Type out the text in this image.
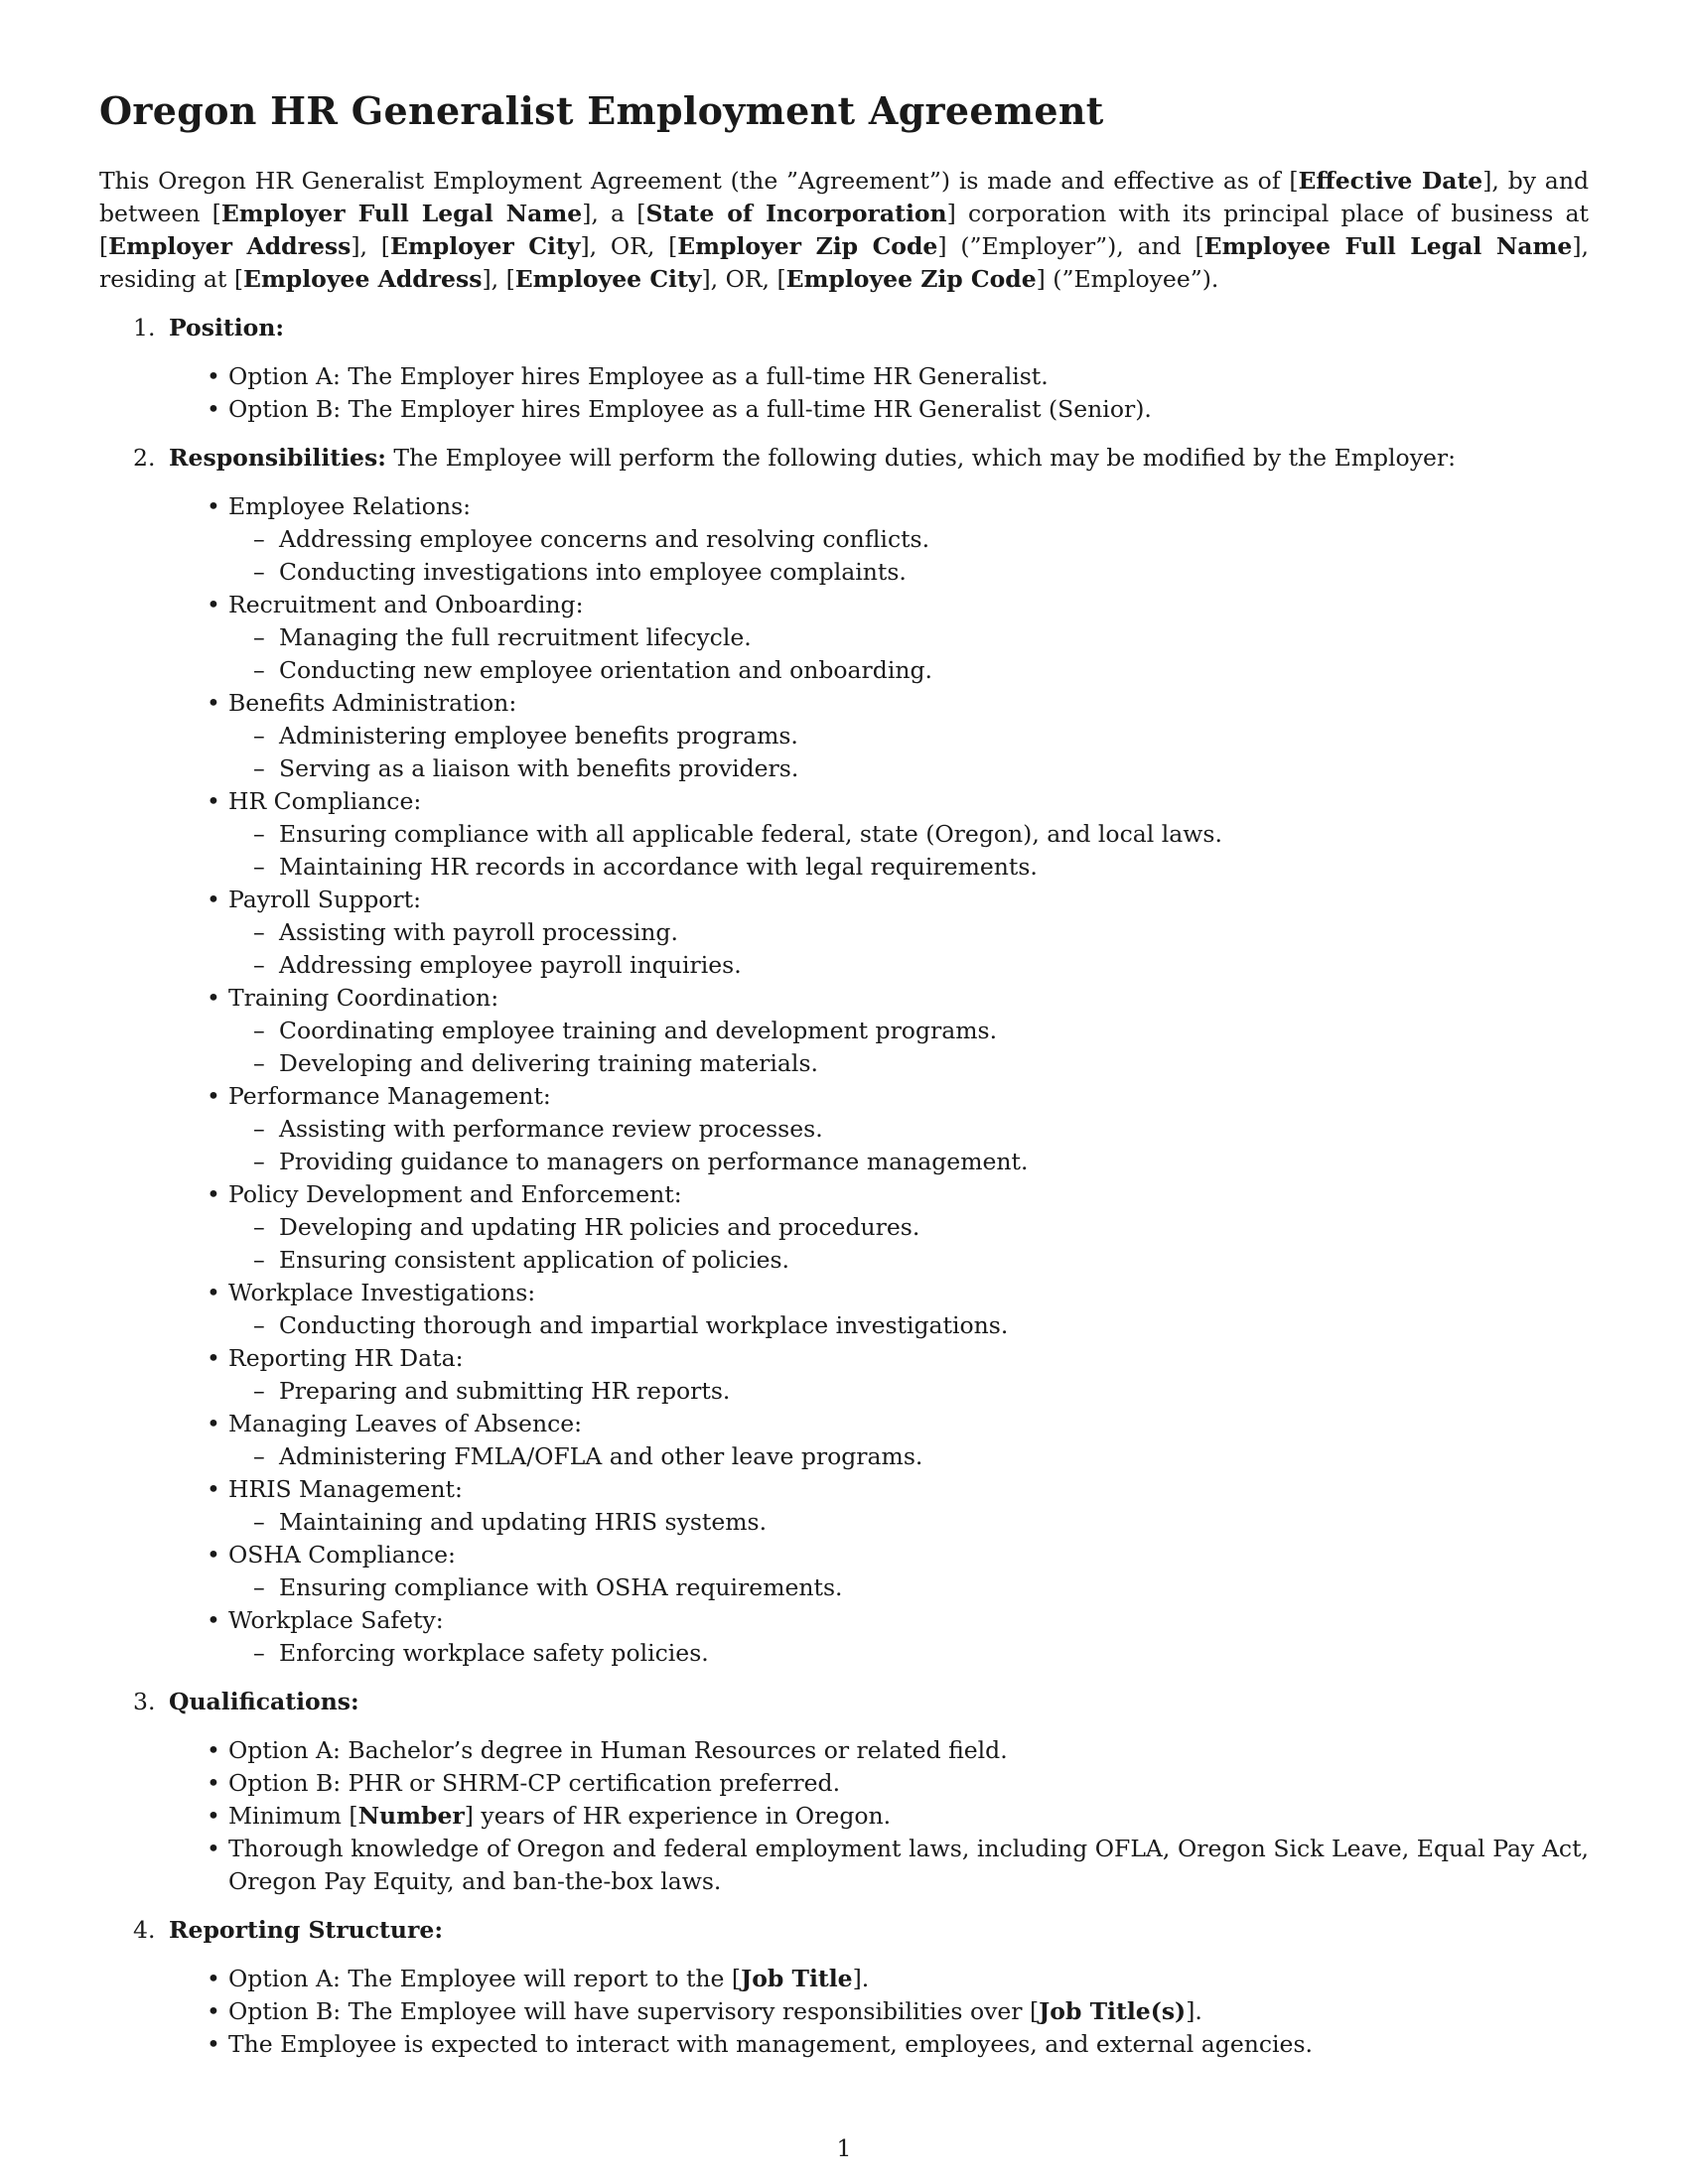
Oregon HR Generalist Employment Agreement

This Oregon HR Generalist Employment Agreement (the ”Agreement”) is made and effective as of [Effective Date], by and between [Employer Full Legal Name], a [State of Incorporation] corporation with its principal place of business at [Employer Address], [Employer City], OR, [Employer Zip Code] (”Employer”), and [Employee Full Legal Name], residing at [Employee Address], [Employee City], OR, [Employee Zip Code] (”Employee”).

1. Position:
• Option A: The Employer hires Employee as a full-time HR Generalist.
• Option B: The Employer hires Employee as a full-time HR Generalist (Senior).
2. Responsibilities: The Employee will perform the following duties, which may be modified by the Employer:
• Employee Relations:
– Addressing employee concerns and resolving conflicts.
– Conducting investigations into employee complaints.
• Recruitment and Onboarding:
– Managing the full recruitment lifecycle.
– Conducting new employee orientation and onboarding.
• Benefits Administration:
– Administering employee benefits programs.
– Serving as a liaison with benefits providers.
• HR Compliance:
– Ensuring compliance with all applicable federal, state (Oregon), and local laws.
– Maintaining HR records in accordance with legal requirements.
• Payroll Support:
– Assisting with payroll processing.
– Addressing employee payroll inquiries.
• Training Coordination:
– Coordinating employee training and development programs.
– Developing and delivering training materials.
• Performance Management:
– Assisting with performance review processes.
– Providing guidance to managers on performance management.
• Policy Development and Enforcement:
– Developing and updating HR policies and procedures.
– Ensuring consistent application of policies.
• Workplace Investigations:
– Conducting thorough and impartial workplace investigations.
• Reporting HR Data:
– Preparing and submitting HR reports.
• Managing Leaves of Absence:
– Administering FMLA/OFLA and other leave programs.
• HRIS Management:
– Maintaining and updating HRIS systems.
• OSHA Compliance:
– Ensuring compliance with OSHA requirements.
• Workplace Safety:
– Enforcing workplace safety policies.
3. Qualifications:
• Option A: Bachelor’s degree in Human Resources or related field.
• Option B: PHR or SHRM-CP certification preferred.
• Minimum [Number] years of HR experience in Oregon.
• Thorough knowledge of Oregon and federal employment laws, including OFLA, Oregon Sick Leave, Equal Pay Act, Oregon Pay Equity, and ban-the-box laws.
4. Reporting Structure:
• Option A: The Employee will report to the [Job Title].
• Option B: The Employee will have supervisory responsibilities over [Job Title(s)].
• The Employee is expected to interact with management, employees, and external agencies.
1
